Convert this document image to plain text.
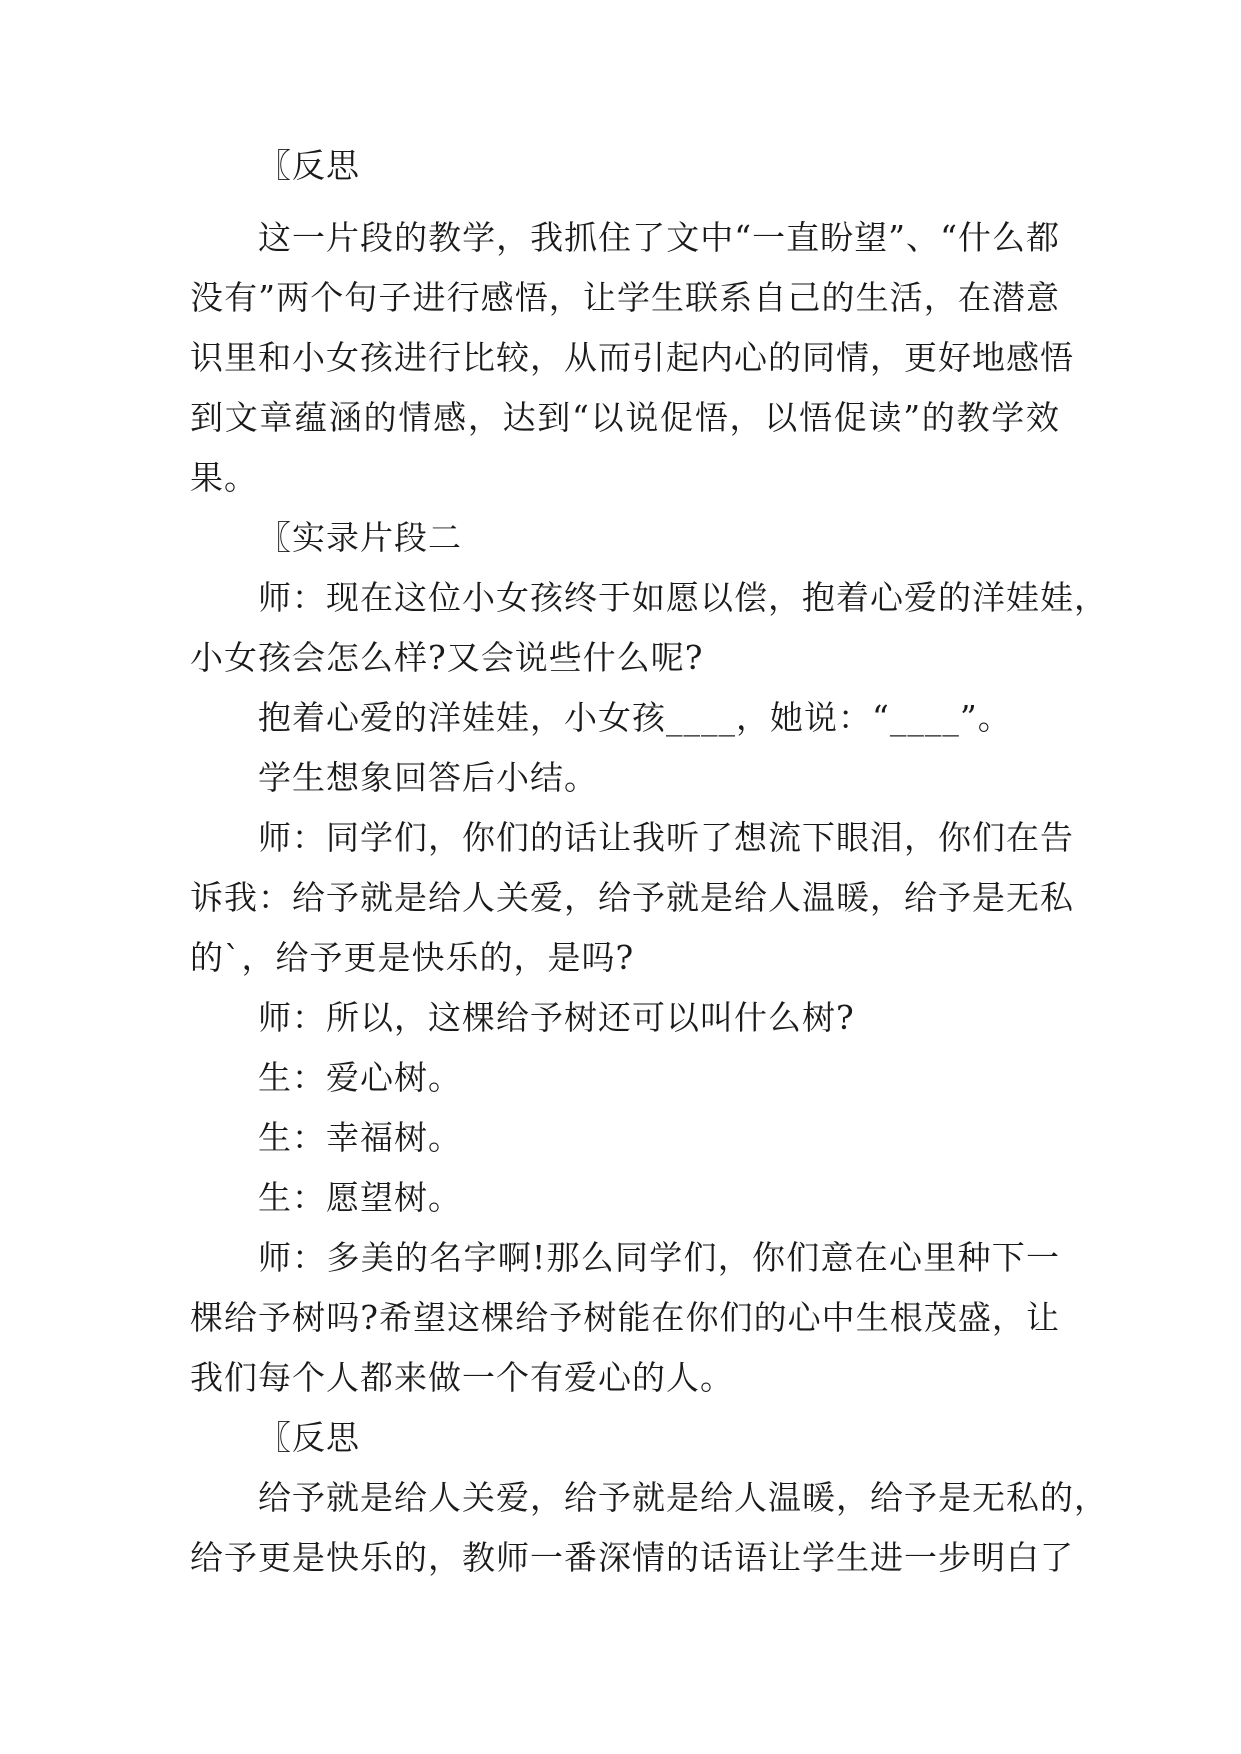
〖反思
这一片段的教学，我抓住了文中“一直盼望”、“什么都
没有”两个句子进行感悟，让学生联系自己的生活，在潜意
识里和小女孩进行比较，从而引起内心的同情，更好地感悟
到文章蕴涵的情感，达到“以说促悟，以悟促读”的教学效
果。
〖实录片段二
师：现在这位小女孩终于如愿以偿，抱着心爱的洋娃娃，
小女孩会怎么样?又会说些什么呢?
抱着心爱的洋娃娃，小女孩____，她说：“____”。
学生想象回答后小结。
师：同学们，你们的话让我听了想流下眼泪，你们在告
诉我：给予就是给人关爱，给予就是给人温暖，给予是无私
的`，给予更是快乐的，是吗?
师：所以，这棵给予树还可以叫什么树?
生：爱心树。
生：幸福树。
生：愿望树。
师：多美的名字啊!那么同学们，你们意在心里种下一
棵给予树吗?希望这棵给予树能在你们的心中生根茂盛，让
我们每个人都来做一个有爱心的人。
〖反思
给予就是给人关爱，给予就是给人温暖，给予是无私的，
给予更是快乐的，教师一番深情的话语让学生进一步明白了
